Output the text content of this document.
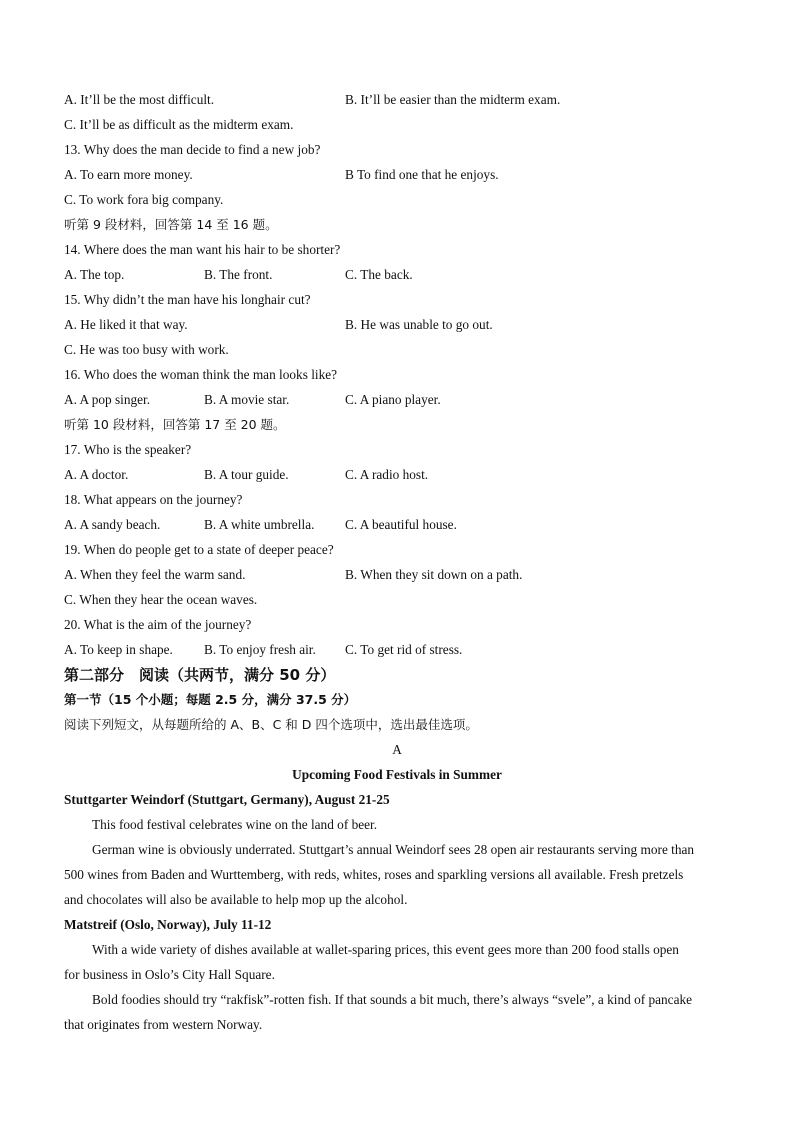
A. It’ll be the most difficult.	B. It’ll be easier than the midterm exam.
C. It’ll be as difficult as the midterm exam.
13. Why does the man decide to find a new job?
A. To earn more money.	B To find one that he enjoys.
C. To work fora big company.
听第 9 段材料，回答第 14 至 16 题。
14. Where does the man want his hair to be shorter?
A. The top.	B. The front.	C. The back.
15. Why didn’t the man have his longhair cut?
A. He liked it that way.	B. He was unable to go out.
C. He was too busy with work.
16. Who does the woman think the man looks like?
A. A pop singer.	B. A movie star.	C. A piano player.
听第 10 段材料，回答第 17 至 20 题。
17. Who is the speaker?
A. A doctor.	B. A tour guide.	C. A radio host.
18. What appears on the journey?
A. A sandy beach.	B. A white umbrella. C. A beautiful house.
19. When do people get to a state of deeper peace?
A. When they feel the warm sand.	B. When they sit down on a path.
C. When they hear the ocean waves.
20. What is the aim of the journey?
A. To keep in shape. B. To enjoy fresh air. C. To get rid of stress.
第二部分　阅读（共两节，满分 50 分）
第一节（15 个小题；每题 2.5 分，满分 37.5 分）
阅读下列短文，从每题所给的 A、B、C 和 D 四个选项中，选出最佳选项。
A
Upcoming Food Festivals in Summer
Stuttgarter Weindorf (Stuttgart, Germany), August 21-25
This food festival celebrates wine on the land of beer.
German wine is obviously underrated. Stuttgart’s annual Weindorf sees 28 open air restaurants serving more than
500 wines from Baden and Wurttemberg, with reds, whites, roses and sparkling versions all available. Fresh pretzels
and chocolates will also be available to help mop up the alcohol.
Matstreif (Oslo, Norway), July 11-12
With a wide variety of dishes available at wallet-sparing prices, this event gees more than 200 food stalls open
for business in Oslo’s City Hall Square.
Bold foodies should try “rakfisk”-rotten fish. If that sounds a bit much, there’s always “svele”, a kind of pancake
that originates from western Norway.
